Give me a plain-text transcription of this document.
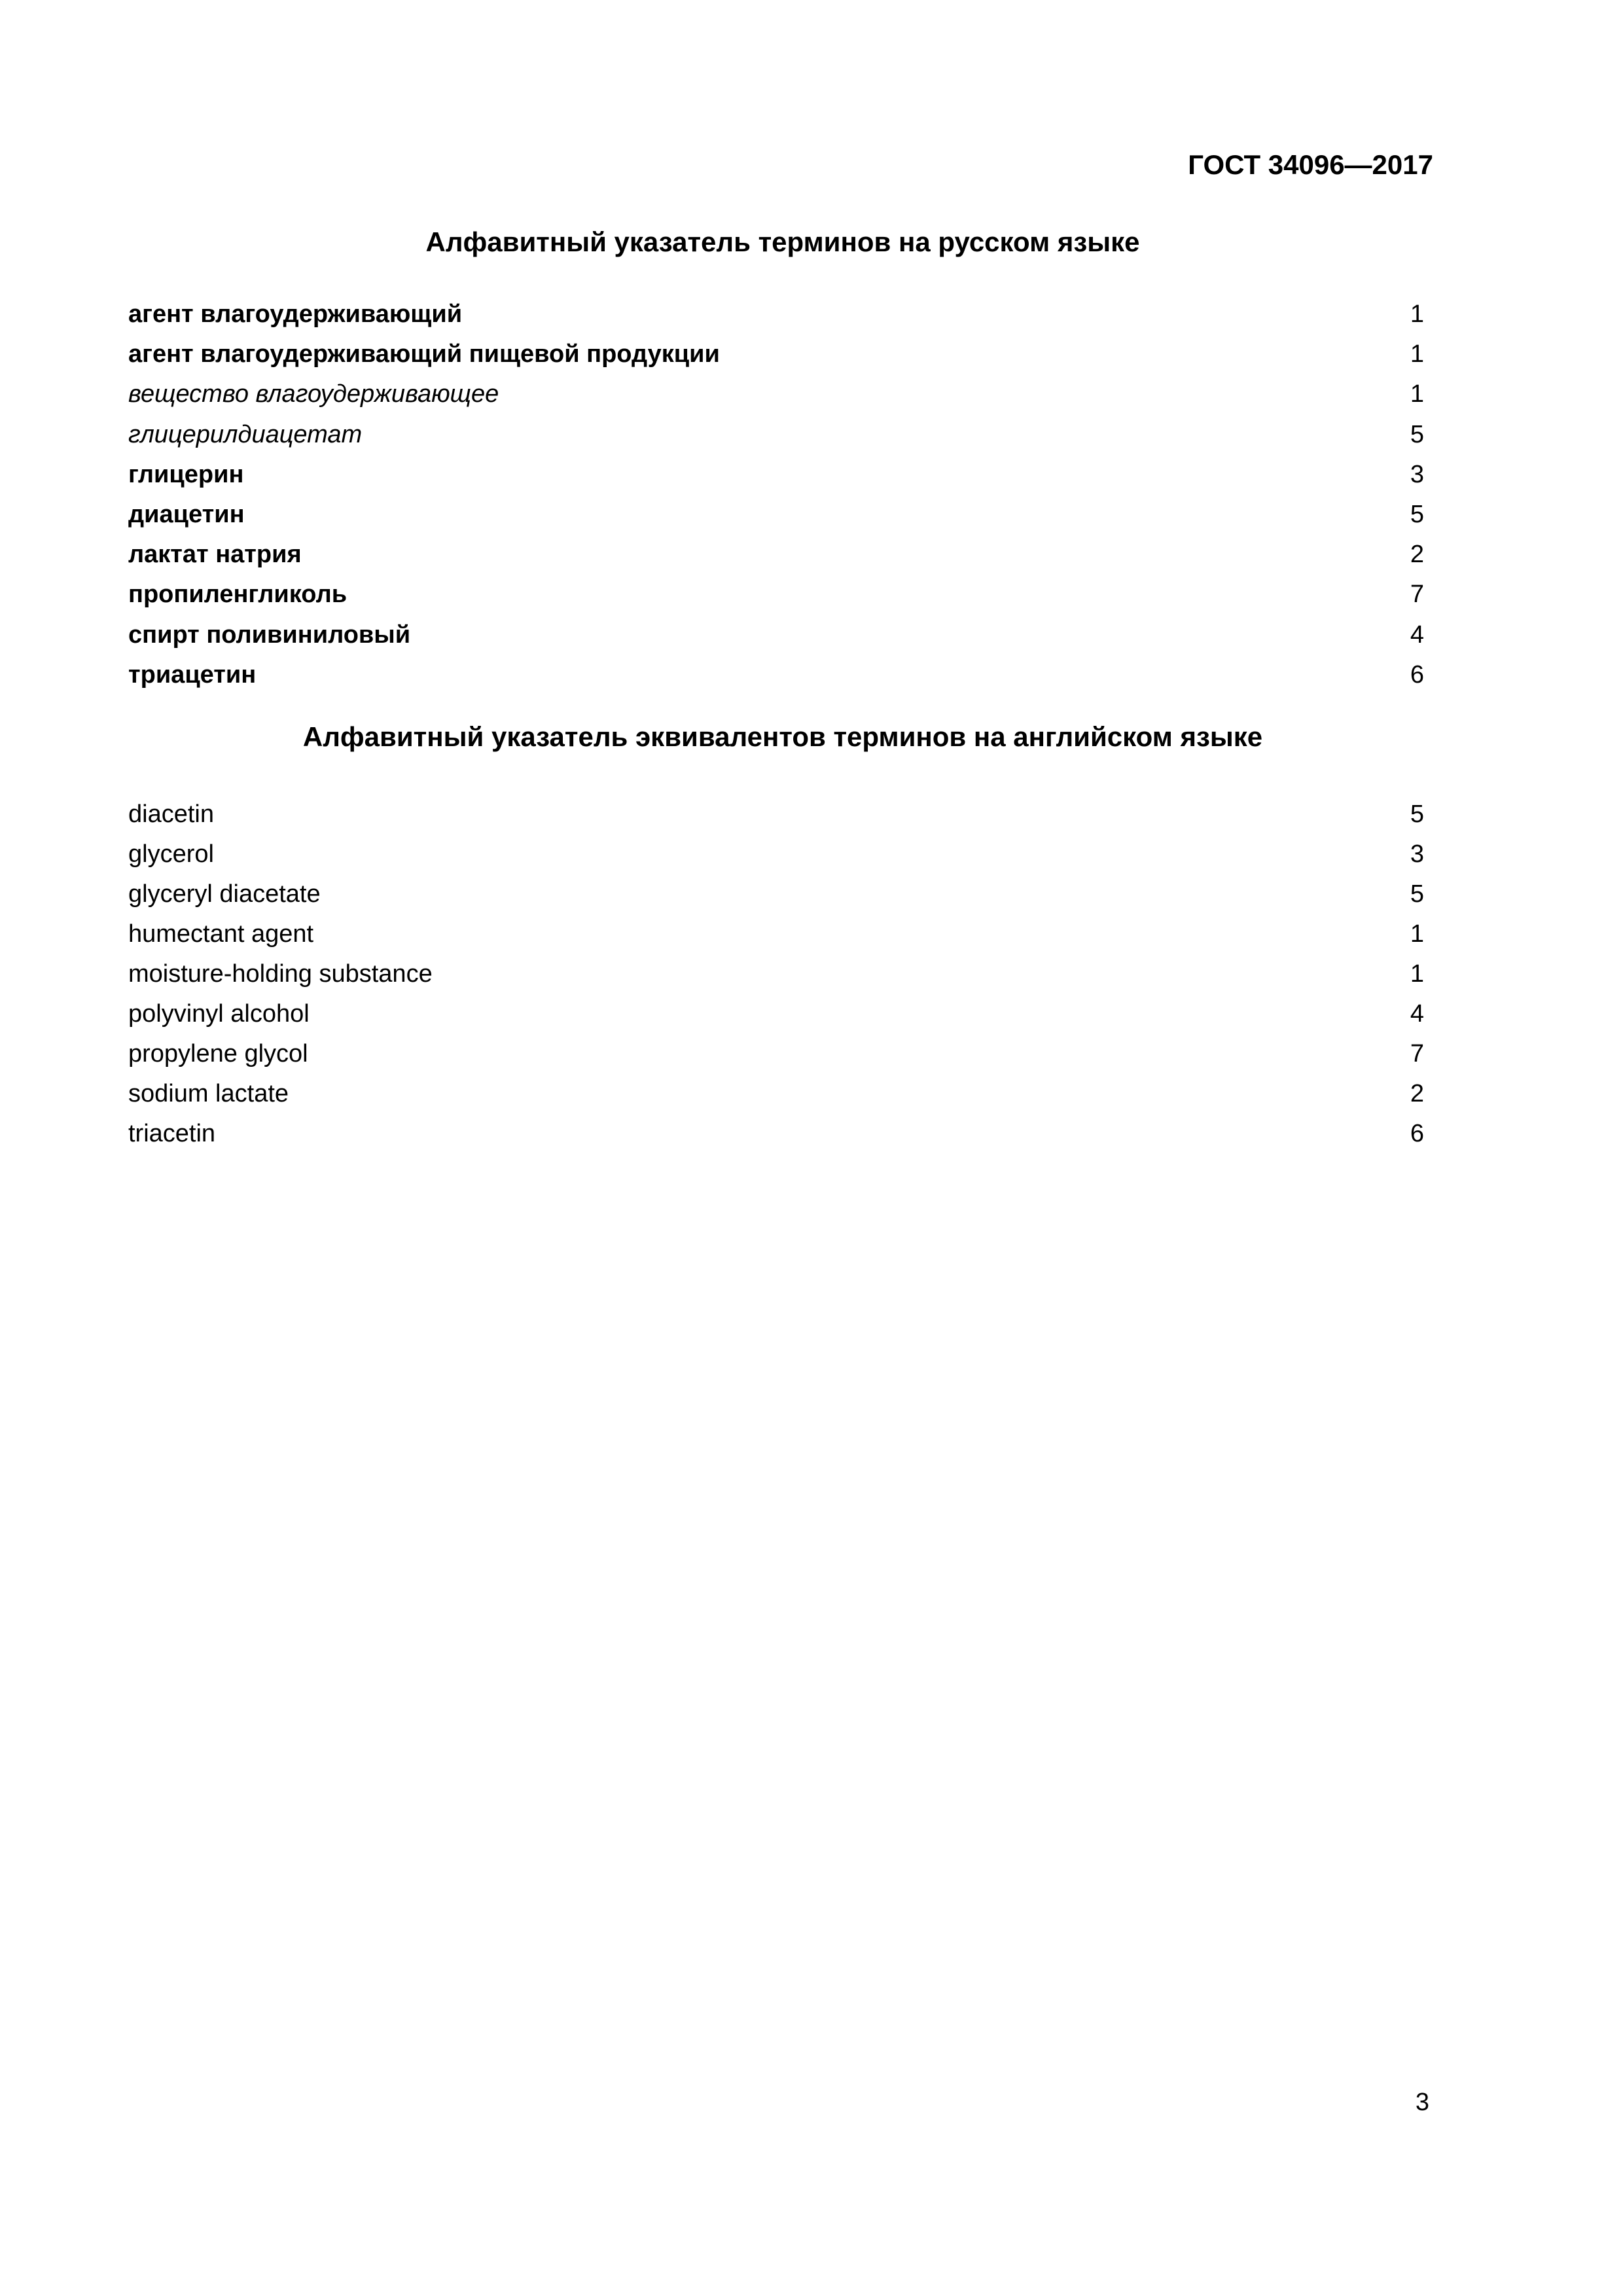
ГОСТ 34096—2017
Алфавитный указатель терминов на русском языке
агент влагоудерживающий	1
агент влагоудерживающий пищевой продукции	1
вещество влагоудерживающее	1
глицерилдиацетат	5
глицерин	3
диацетин	5
лактат натрия	2
пропиленгликоль	7
спирт поливиниловый	4
триацетин	6
Алфавитный указатель эквивалентов терминов на английском языке
diacetin	5
glycerol	3
glyceryl diacetate	5
humectant agent	1
moisture-holding substance	1
polyvinyl alcohol	4
propylene glycol	7
sodium lactate	2
triacetin	6
3
